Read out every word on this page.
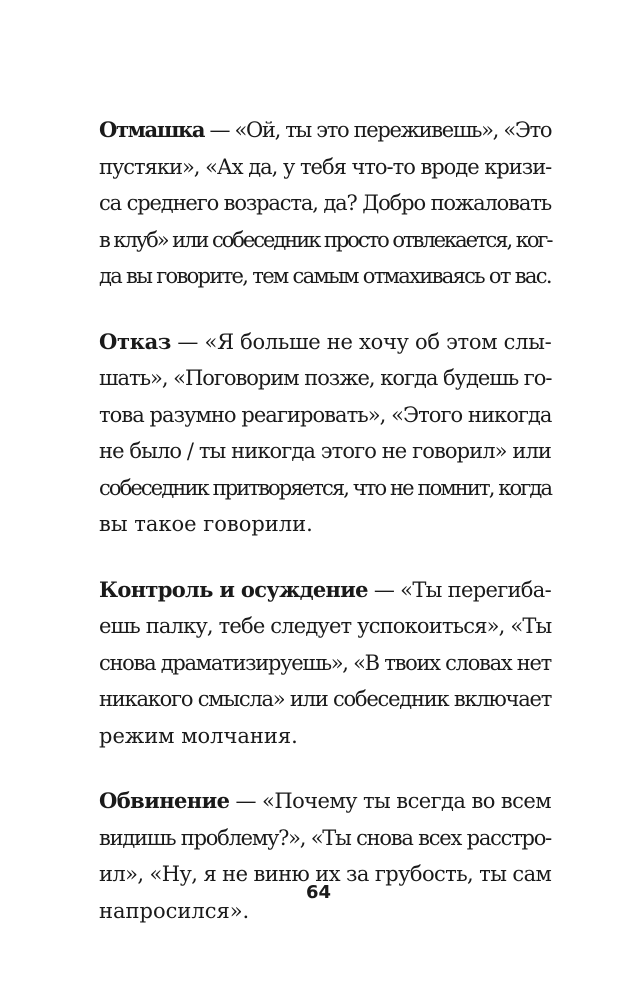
Отмашка — «Ой, ты это переживешь», «Это
пустяки», «Ах да, у тебя что-то вроде кризи-
са среднего возраста, да? Добро пожаловать
в клуб» или собеседник просто отвлекается, ког-
да вы говорите, тем самым отмахиваясь от вас.

Отказ — «Я больше не хочу об этом слы-
шать», «Поговорим позже, когда будешь го-
това разумно реагировать», «Этого никогда
не было / ты никогда этого не говорил» или
собеседник притворяется, что не помнит, когда
вы такое говорили.

Контроль и осуждение — «Ты перегиба-
ешь палку, тебе следует успокоиться», «Ты
снова драматизируешь», «В твоих словах нет
никакого смысла» или собеседник включает
режим молчания.

Обвинение — «Почему ты всегда во всем
видишь проблему?», «Ты снова всех расстро-
ил», «Ну, я не виню их за грубость, ты сам
напросился».

64
